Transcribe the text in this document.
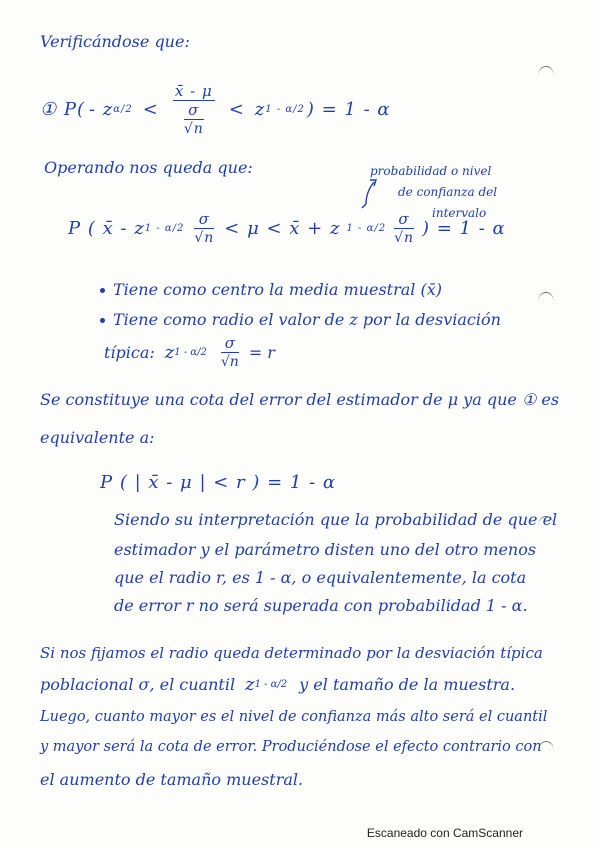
Verificándose que:
① P( - z $\alpha/2 < \frac{x̄ - \mu}{\frac{\sigma}{√n}} < z$ 1 - α/2 ) = 1 - α
Operando nos queda que:	probabilidad o nivel
de confianza del
intervalo
P ( x̄ - z $1 - \alpha/2 \frac{\sigma}{√n} < \mu$ < x̄ + z $1 - \alpha/2 \frac{\sigma}{√n}$ ) = 1 - α
Tiene como centro la media muestral (x̄)
Tiene como radio el valor de z por la desviación
típica: z $1 - \alpha/2 \frac{\sigma}{√n} = r$
Se constituye una cota del error del estimador de μ ya que ① es
equivalente a:
P ( | x̄ - μ | < r ) = 1 - α
Siendo su interpretación que la probabilidad de que el
estimador y el parámetro disten uno del otro menos
que el radio r, es 1 - α, o equivalentemente, la cota
de error r no será superada con probabilidad 1 - α.
Si nos fijamos el radio queda determinado por la desviación típica
poblacional σ, el cuantil z 1 - α/2 y el tamaño de la muestra.
Luego, cuanto mayor es el nivel de confianza más alto será el cuantil
y mayor será la cota de error. Produciéndose el efecto contrario con
el aumento de tamaño muestral.
Escaneado con CamScanner
